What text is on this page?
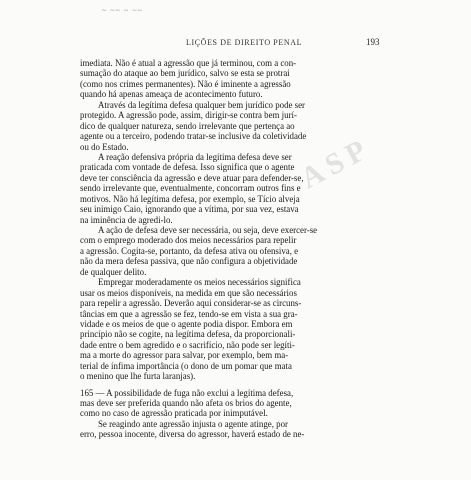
~ ~~ ~ ~~
LIÇÕES DE DIREITO PENAL	193
ASP
imediata. Não é atual a agressão que já terminou, com a con-
sumação do ataque ao bem jurídico, salvo se esta se protrai
(como nos crimes permanentes). Não é iminente a agressão
quando há apenas ameaça de acontecimento futuro.
Através da legítima defesa qualquer bem jurídico pode ser
protegido. A agressão pode, assim, dirigir-se contra bem jurí-
dico de qualquer natureza, sendo irrelevante que pertença ao
agente ou a terceiro, podendo tratar-se inclusive da coletividade
ou do Estado.
A reação defensiva própria da legítima defesa deve ser
praticada com vontade de defesa. Isso significa que o agente
deve ter consciência da agressão e deve atuar para defender-se,
sendo irrelevante que, eventualmente, concorram outros fins e
motivos. Não há legítima defesa, por exemplo, se Tício alveja
seu inimigo Caio, ignorando que a vítima, por sua vez, estava
na iminência de agredi-lo.
A ação de defesa deve ser necessária, ou seja, deve exercer-se
com o emprego moderado dos meios necessários para repelir
a agressão. Cogita-se, portanto, da defesa ativa ou ofensiva, e
não da mera defesa passiva, que não configura a objetividade
de qualquer delito.
Empregar moderadamente os meios necessários significa
usar os meios disponíveis, na medida em que são necessários
para repelir a agressão. Deverão aqui considerar-se as circuns-
tâncias em que a agressão se fez, tendo-se em vista a sua gra-
vidade e os meios de que o agente podia dispor. Embora em
princípio não se cogite, na legítima defesa, da proporcionali-
dade entre o bem agredido e o sacrifício, não pode ser legíti-
ma a morte do agressor para salvar, por exemplo, bem ma-
terial de ínfima importância (o dono de um pomar que mata
o menino que lhe furta laranjas).
165 — A possibilidade de fuga não exclui a legítima defesa,
mas deve ser preferida quando não afeta os brios do agente,
como no caso de agressão praticada por inimputável.
Se reagindo ante agressão injusta o agente atinge, por
erro, pessoa inocente, diversa do agressor, haverá estado de ne-
